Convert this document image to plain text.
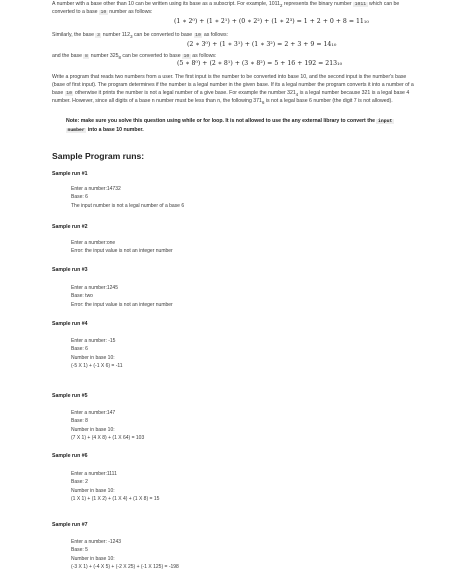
A number with a base other than 10 can be written using its base as a subscript. For example, $1011_2$ represents the binary number 1011 which can be
converted to a base 10 number as follows:
(1 ∗ 2⁰) + (1 ∗ 2¹) + (0 ∗ 2²) + (1 ∗ 2³) = 1 + 2 + 0 + 8 = 11₁₀
Similarly, the base 3 number $112_3$ can be converted to base 10 as follows:
(2 ∗ 3⁰) + (1 ∗ 3¹) + (1 ∗ 3²) = 2 + 3 + 9 = 14₁₀
and the base 8 number $325_8$ can be converted to base 10 as follows:
(5 ∗ 8⁰) + (2 ∗ 8¹) + (3 ∗ 8²) = 5 + 16 + 192 = 213₁₀
Write a program that reads two numbers from a user. The first input is the number to be converted into base 10, and the second input is the number's base
(base of first input). The program determines if the number is a legal number in the given base. If its a legal number the program converts it into a number of a
base 10 otherwise it prints the number is not a legal number of a give base. For example the number $321_4$ is a legal number because 321 is a legal base 4
number. However, since all digits of a base n number must be less than n, the following $371_6$ is not a legal base 6 number (the digit 7 is not allowed).
Note: make sure you solve this question using while or for loop. It is not allowed to use the any external library to convert the input
number into a base 10 number.
Sample Program runs:
Sample run #1
Enter a number:14732
Base: 6
The input number is not a legal number of a base 6
Sample run #2
Enter a number:one
Error: the input value is not an integer number
Sample run #3
Enter a number:1245
Base: two
Error: the input value is not an integer number
Sample run #4
Enter a number: -15
Base: 6
Number in base 10:
(-5 X 1) + (-1 X 6) = -11
Sample run #5
Enter a number:147
Base: 8
Number in base 10:
(7 X 1) + (4 X 8) + (1 X 64) = 103
Sample run #6
Enter a number:1111
Base: 2
Number in base 10:
(1 X 1) + (1 X 2) + (1 X 4) + (1 X 8) = 15
Sample run #7
Enter a number: -1243
Base: 5
Number in base 10:
(-3 X 1) + (-4 X 5) + (-2 X 25) + (-1 X 125) = -198
